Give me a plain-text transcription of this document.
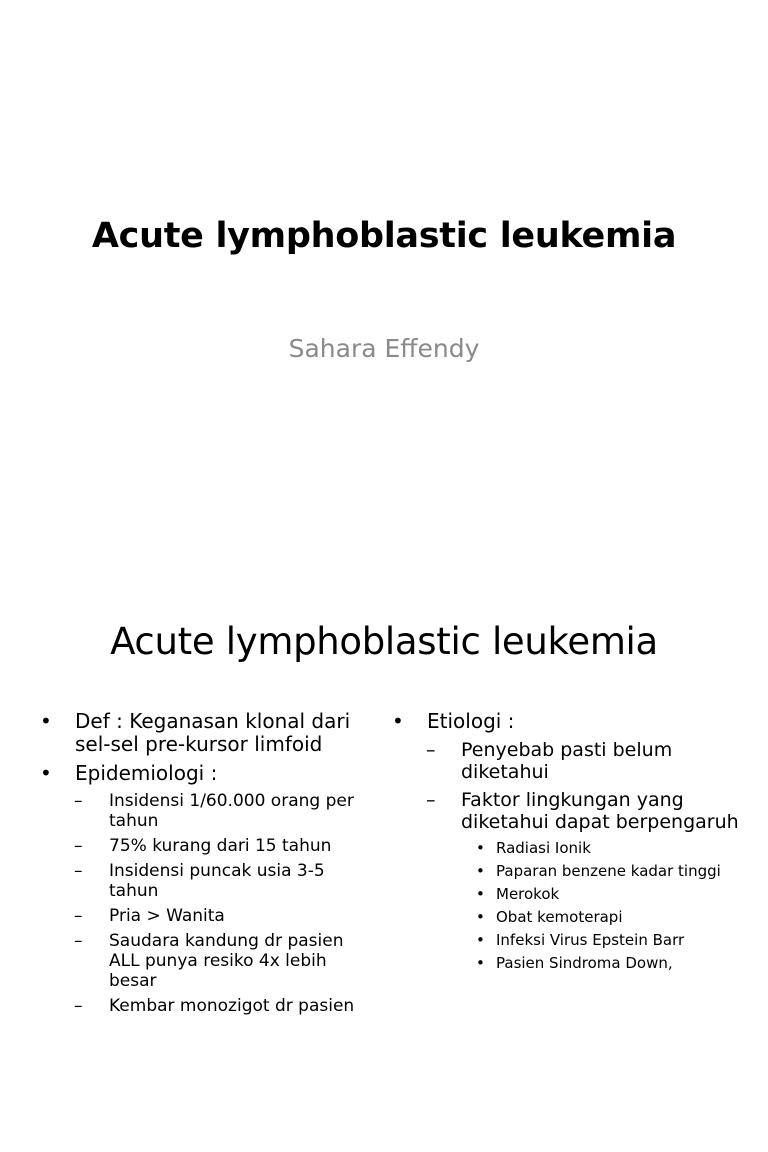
Acute lymphoblastic leukemia
Sahara Effendy
Acute lymphoblastic leukemia
• Def : Keganasan klonal dari sel-sel pre-kursor limfoid
• Epidemiologi :
– Insidensi 1/60.000 orang per tahun
– 75% kurang dari 15 tahun
– Insidensi puncak usia 3-5 tahun
– Pria > Wanita
– Saudara kandung dr pasien ALL punya resiko 4x lebih besar
– Kembar monozigot dr pasien
• Etiologi :
– Penyebab pasti belum diketahui
– Faktor lingkungan yang diketahui dapat berpengaruh
• Radiasi Ionik
• Paparan benzene kadar tinggi
• Merokok
• Obat kemoterapi
• Infeksi Virus Epstein Barr
• Pasien Sindroma Down,
